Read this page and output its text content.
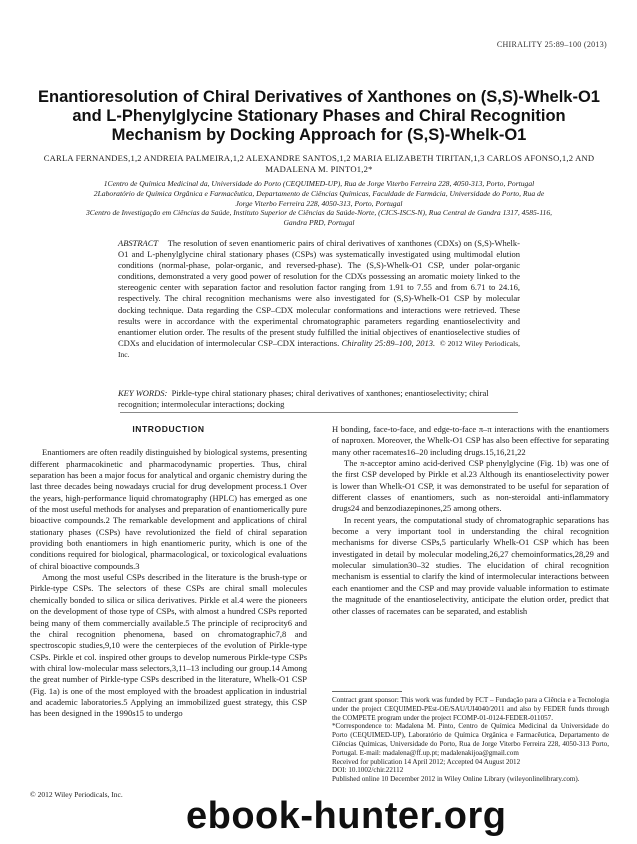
CHIRALITY 25:89–100 (2013)
Enantioresolution of Chiral Derivatives of Xanthones on (S,S)-Whelk-O1
and L-Phenylglycine Stationary Phases and Chiral Recognition
Mechanism by Docking Approach for (S,S)-Whelk-O1
CARLA FERNANDES,1,2 ANDREIA PALMEIRA,1,2 ALEXANDRE SANTOS,1,2 MARIA ELIZABETH TIRITAN,1,3 CARLOS AFONSO,1,2 AND
MADALENA M. PINTO1,2*
1Centro de Química Medicinal da, Universidade do Porto (CEQUIMED-UP), Rua de Jorge Viterbo Ferreira 228, 4050-313, Porto, Portugal
2Laboratório de Química Orgânica e Farmacêutica, Departamento de Ciências Químicas, Faculdade de Farmácia, Universidade do Porto, Rua de
Jorge Viterbo Ferreira 228, 4050-313, Porto, Portugal
3Centro de Investigação em Ciências da Saúde, Instituto Superior de Ciências da Saúde-Norte, (CICS-ISCS-N), Rua Central de Gandra 1317, 4585-116,
Gandra PRD, Portugal
ABSTRACT The resolution of seven enantiomeric pairs of chiral derivatives of xanthones (CDXs) on (S,S)-Whelk-O1 and L-phenylglycine chiral stationary phases (CSPs) was systematically investigated using multimodal elution conditions (normal-phase, polar-organic, and reversed-phase). The (S,S)-Whelk-O1 CSP, under polar-organic conditions, demonstrated a very good power of resolution for the CDXs possessing an aromatic moiety linked to the stereogenic center with separation factor and resolution factor ranging from 1.91 to 7.55 and from 6.71 to 24.16, respectively. The chiral recognition mechanisms were also investigated for (S,S)-Whelk-O1 CSP by molecular docking technique. Data regarding the CSP–CDX molecular conformations and interactions were retrieved. These results were in accordance with the experimental chromatographic parameters regarding enantioselectivity and enantiomer elution order. The results of the present study fulfilled the initial objectives of enantioselective studies of CDXs and elucidation of intermolecular CSP–CDX interactions. Chirality 25:89–100, 2013. © 2012 Wiley Periodicals, Inc.
KEY WORDS: Pirkle-type chiral stationary phases; chiral derivatives of xanthones; enantioselectivity; chiral recognition; intermolecular interactions; docking
INTRODUCTION

Enantiomers are often readily distinguished by biological systems, presenting different pharmacokinetic and pharmacodynamic properties. Thus, chiral separation has been a major focus for analytical and organic chemistry during the last three decades being nowadays crucial for drug development process.1 Over the years, high-performance liquid chromatography (HPLC) has emerged as one of the most useful methods for analyses and preparation of enantiomerically pure bioactive compounds.2 The remarkable development and applications of chiral stationary phases (CSPs) have revolutionized the field of chiral separation providing both enantiomers in high enantiomeric purity, which is one of the conditions required for biological, pharmacological, or toxicological evaluations of chiral bioactive compounds.3

Among the most useful CSPs described in the literature is the brush-type or Pirkle-type CSPs. The selectors of these CSPs are chiral small molecules chemically bonded to silica or silica derivatives. Pirkle et al.4 were the pioneers on the development of those type of CSPs, with almost a hundred CSPs reported being many of them commercially available.5 The principle of reciprocity6 and the chiral recognition phenomena, based on chromatographic7,8 and spectroscopic studies,9,10 were the centerpieces of the evolution of Pirkle-type CSPs. Pirkle et col. inspired other groups to develop numerous Pirkle-type CSPs with chiral low-molecular mass selectors,3,11–13 including our group.14 Among the great number of Pirkle-type CSPs described in the literature, Whelk-O1 CSP (Fig. 1a) is one of the most employed with the broadest application in industrial and academic laboratories.5 Applying an immobilized guest strategy, this CSP has been designed in the 1990s15 to undergo

H bonding, face-to-face, and edge-to-face π–π interactions with the enantiomers of naproxen. Moreover, the Whelk-O1 CSP has also been effective for separating many other racemates16–20 including drugs.15,16,21,22

The π-acceptor amino acid-derived CSP phenylglycine (Fig. 1b) was one of the first CSP developed by Pirkle et al.23 Although its enantioselectivity power is lower than Whelk-O1 CSP, it was demonstrated to be useful for separation of different classes of enantiomers, such as non-steroidal anti-inflammatory drugs24 and benzodiazepinones,25 among others.

In recent years, the computational study of chromatographic separations has become a very important tool in understanding the chiral recognition mechanisms for diverse CSPs,5 particularly Whelk-O1 CSP which has been investigated in detail by molecular modeling,26,27 chemoinformatics,28,29 and molecular simulation30–32 studies. The elucidation of chiral recognition mechanism is essential to clarify the kind of intermolecular interactions between each enantiomer and the CSP and may provide valuable information to estimate the magnitude of the enantioselectivity, anticipate the elution order, predict that other classes of racemates can be separated, and establish

Contract grant sponsor: This work was funded by FCT – Fundação para a Ciência e a Tecnologia under the project CEQUIMED-PEst-OE/SAU/UI4040/2011 and also by FEDER funds through the COMPETE program under the project FCOMP-01-0124-FEDER-011057.

*Correspondence to: Madalena M. Pinto, Centro de Química Medicinal da Universidade do Porto (CEQUIMED-UP), Laboratório de Química Orgânica e Farmacêutica, Departamento de Ciências Químicas, Universidade do Porto, Rua de Jorge Viterbo Ferreira 228, 4050-313 Porto, Portugal. E-mail: madalena@ff.up.pt; madalenakijoa@gmail.com

Received for publication 14 April 2012; Accepted 04 August 2012

DOI: 10.1002/chir.22112

Published online 10 December 2012 in Wiley Online Library (wileyonlinelibrary.com).

© 2012 Wiley Periodicals, Inc.
ebook-hunter.org
